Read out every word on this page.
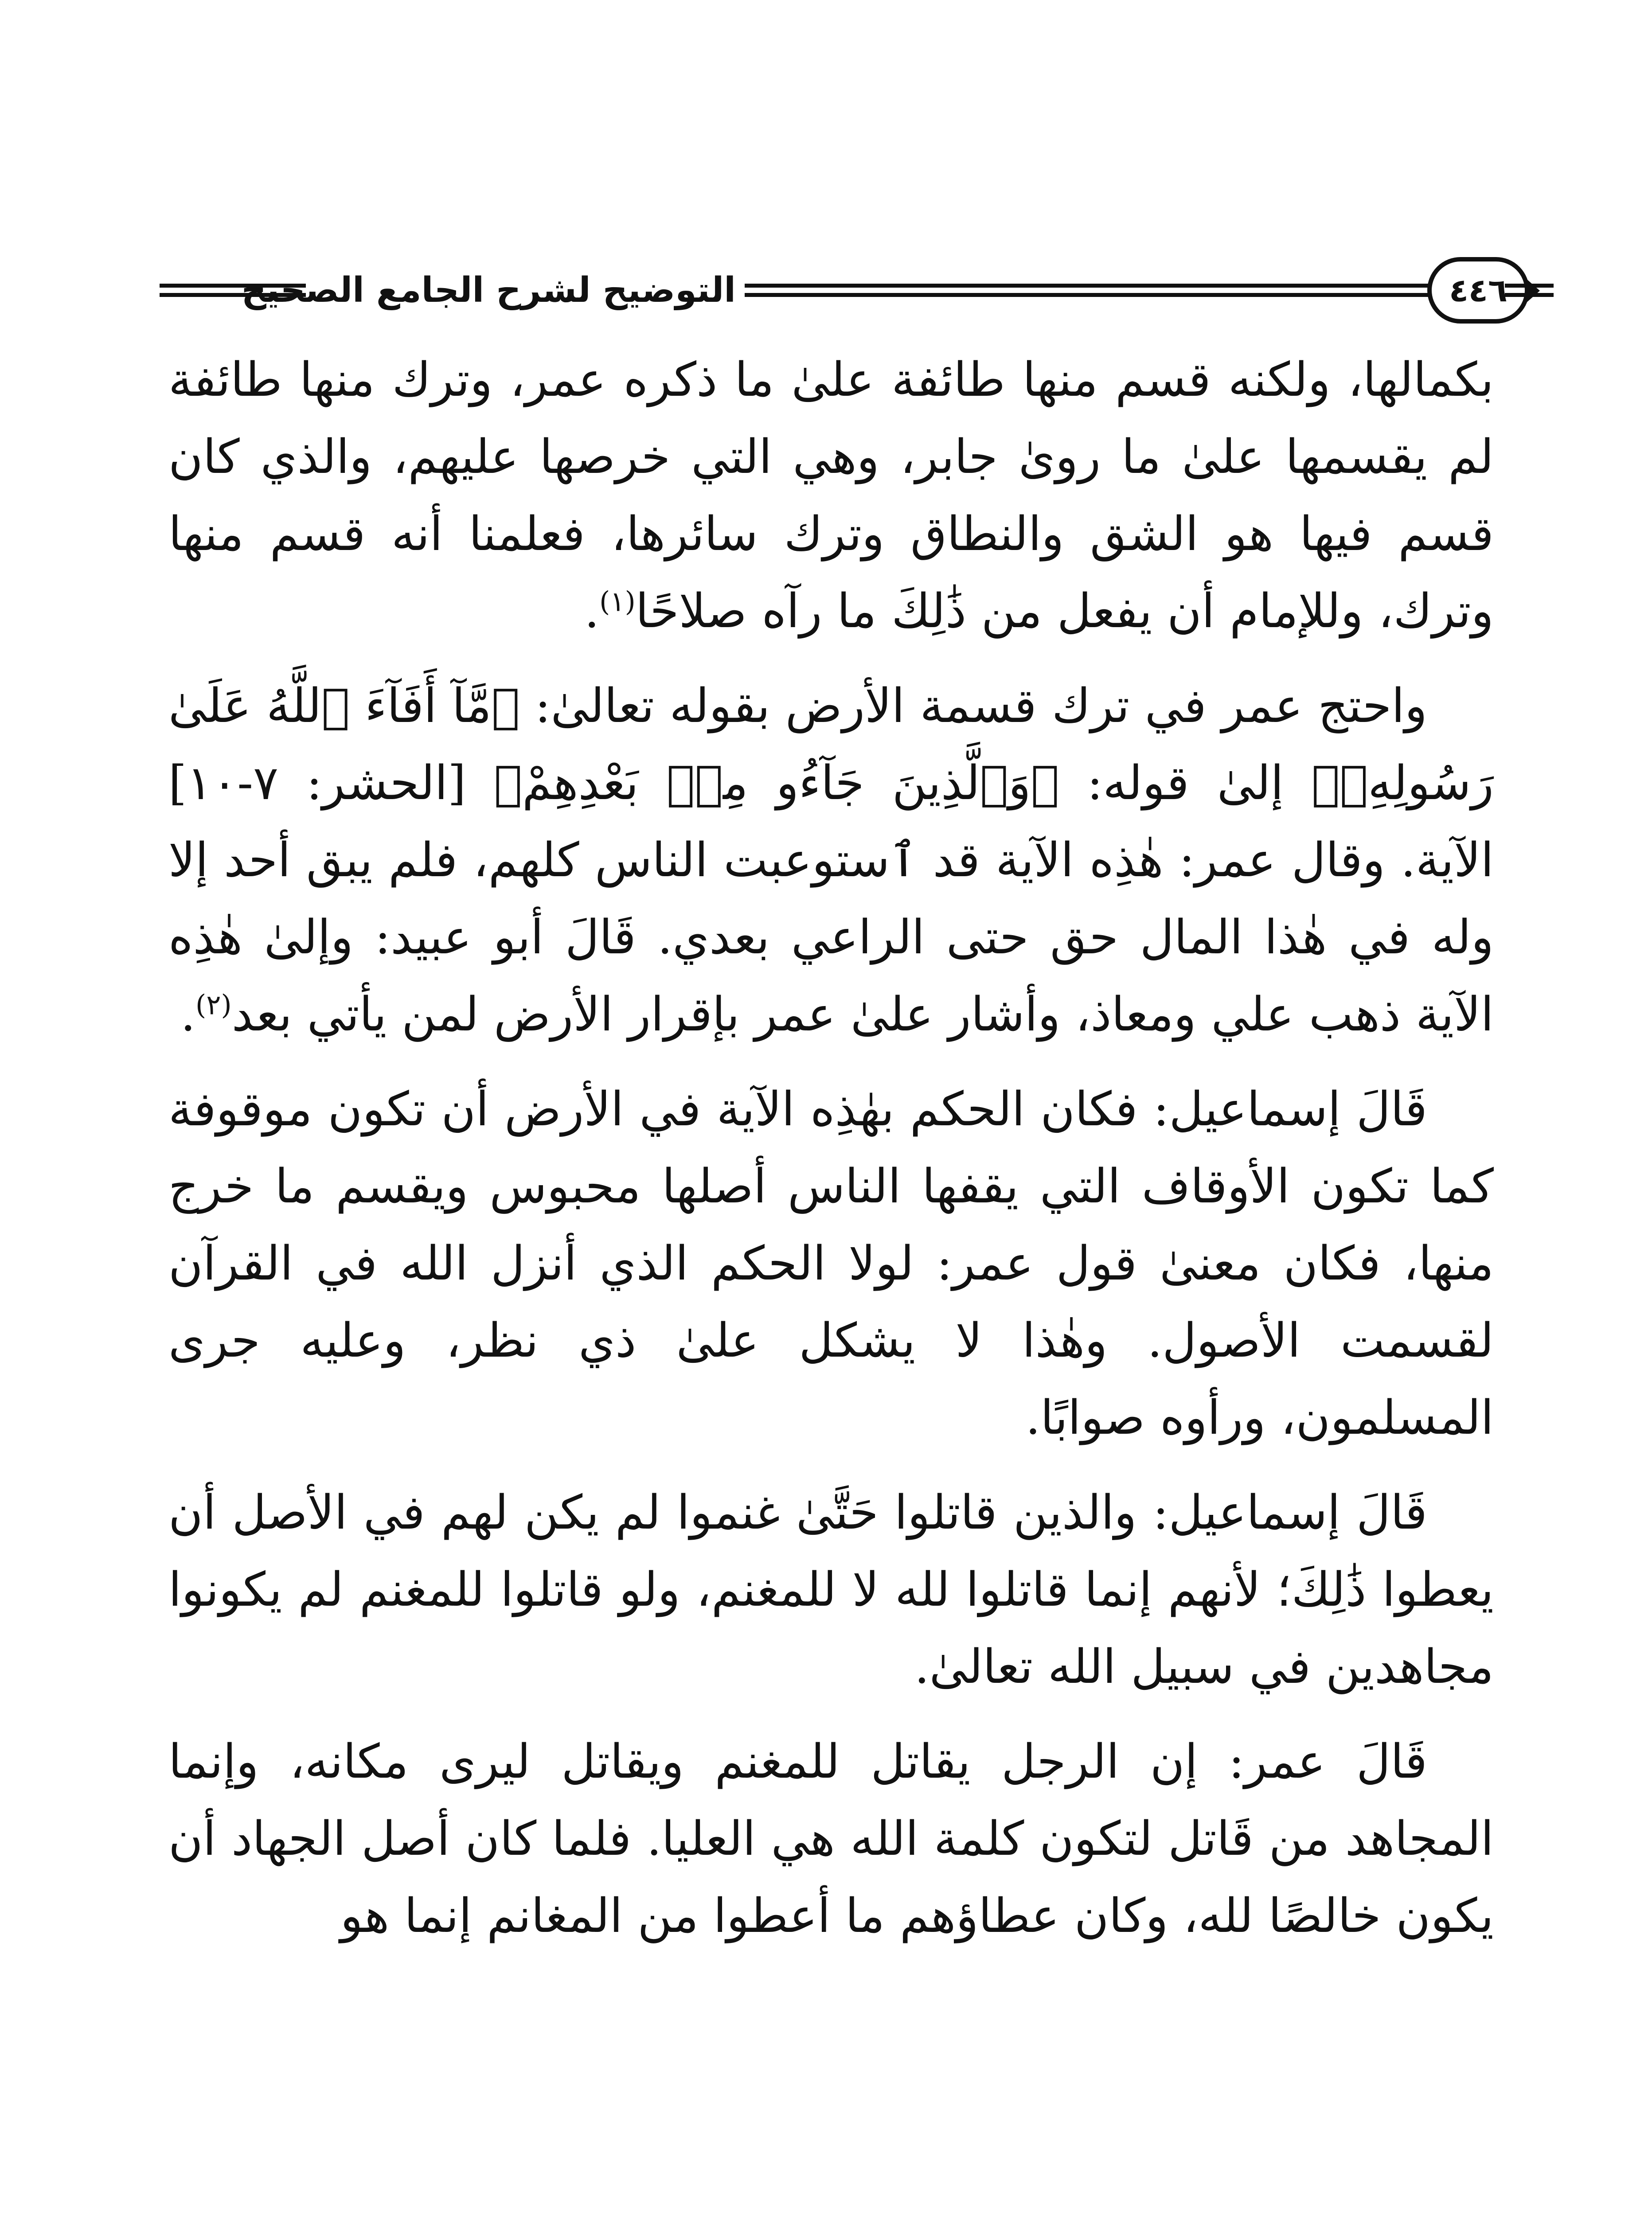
التوضيح لشرح الجامع الصحيح	٤٤٦

بكمالها، ولكنه قسم منها طائفة علىٰ ما ذكره عمر، وترك منها طائفة لم يقسمها علىٰ ما روىٰ جابر، وهي التي خرصها عليهم، والذي كان قسم فيها هو الشق والنطاق وترك سائرها، فعلمنا أنه قسم منها وترك، وللإمام أن يفعل من ذَٰلِكَ ما رآه صلاحًا$^{(١)}$.

واحتج عمر في ترك قسمة الأرض بقوله تعالىٰ: ﴿مَّآ أَفَآءَ ٱللَّهُ عَلَىٰ رَسُولِهِۦ﴾ إلىٰ قوله: ﴿وَٱلَّذِينَ جَآءُو مِنۢ بَعْدِهِمْ﴾ [الحشر: ٧-١٠] الآية. وقال عمر: هٰذِه الآية قد ٱستوعبت الناس كلهم، فلم يبق أحد إلا وله في هٰذا المال حق حتى الراعي بعدي. قَالَ أبو عبيد: وإلىٰ هٰذِه الآية ذهب علي ومعاذ، وأشار علىٰ عمر بإقرار الأرض لمن يأتي بعد$^{(٢)}$.

قَالَ إسماعيل: فكان الحكم بهٰذِه الآية في الأرض أن تكون موقوفة كما تكون الأوقاف التي يقفها الناس أصلها محبوس ويقسم ما خرج منها، فكان معنىٰ قول عمر: لولا الحكم الذي أنزل الله في القرآن لقسمت الأصول. وهٰذا لا يشكل علىٰ ذي نظر، وعليه جرى المسلمون، ورأوه صوابًا.

قَالَ إسماعيل: والذين قاتلوا حَتَّىٰ غنموا لم يكن لهم في الأصل أن يعطوا ذَٰلِكَ؛ لأنهم إنما قاتلوا لله لا للمغنم، ولو قاتلوا للمغنم لم يكونوا مجاهدين في سبيل الله تعالىٰ.

قَالَ عمر: إن الرجل يقاتل للمغنم ويقاتل ليرى مكانه، وإنما المجاهد من قَاتل لتكون كلمة الله هي العليا. فلما كان أصل الجهاد أن يكون خالصًا لله، وكان عطاؤهم ما أعطوا من المغانم إنما هو
